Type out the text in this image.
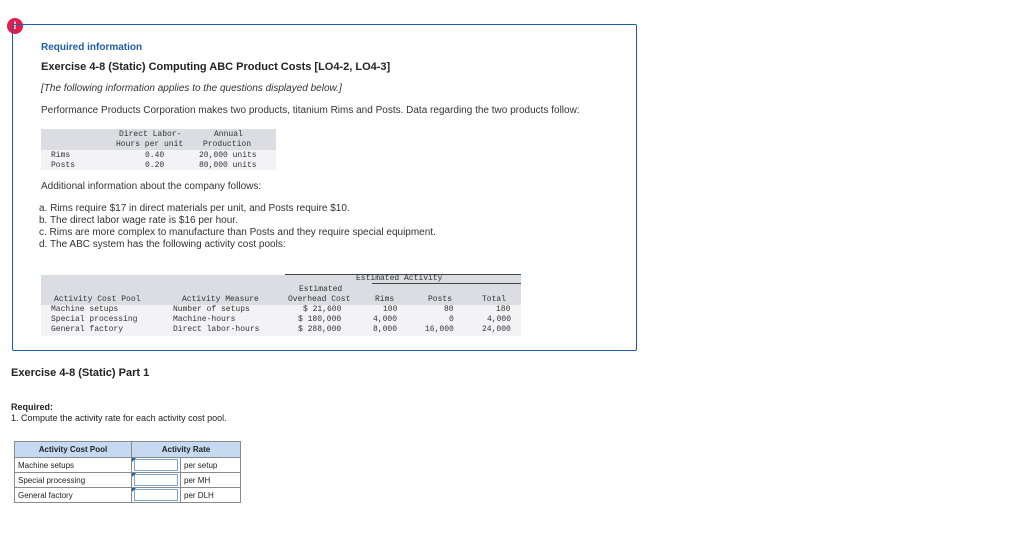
!
Required information
Exercise 4-8 (Static) Computing ABC Product Costs [LO4-2, LO4-3]
[The following information applies to the questions displayed below.]
Performance Products Corporation makes two products, titanium Rims and Posts. Data regarding the two products follow:
Direct Labor-
Hours per unit
Annual
Production
Rims	0.40	20,000 units
Posts	0.20	80,000 units
Additional information about the company follows:
a. Rims require $17 in direct materials per unit, and Posts require $10.
b. The direct labor wage rate is $16 per hour.
c. Rims are more complex to manufacture than Posts and they require special equipment.
d. The ABC system has the following activity cost pools:
Estimated Activity
Estimated
Activity Cost Pool	Activity Measure	Overhead Cost	Rims	Posts	Total
Machine setups	Number of setups	$ 21,600	100	80	180
Special processing	Machine-hours	$ 180,000	4,000	0	4,000
General factory	Direct labor-hours	$ 288,000	8,000	16,000	24,000
Exercise 4-8 (Static) Part 1
Required:
1. Compute the activity rate for each activity cost pool.
Activity Cost Pool	Activity Rate	
Machine setups		per setup
Special processing		per MH
General factory		per DLH
